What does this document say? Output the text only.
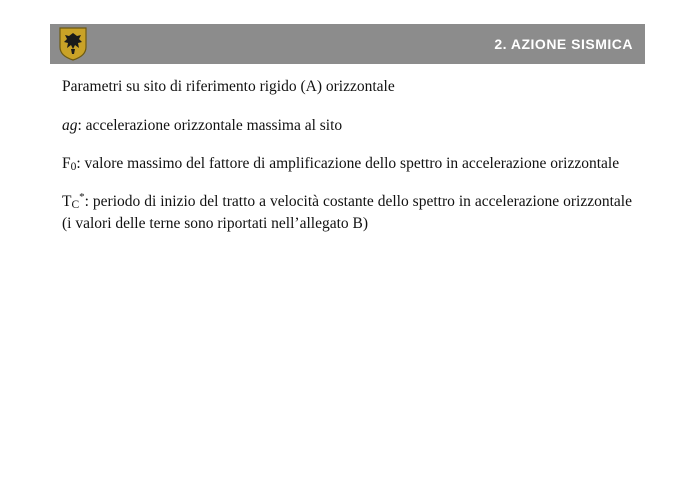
2. AZIONE SISMICA

Parametri su sito di riferimento rigido (A) orizzontale

ag: accelerazione orizzontale massima al sito

F0: valore massimo del fattore di amplificazione dello spettro in accelerazione orizzontale

TC*: periodo di inizio del tratto a velocità costante dello spettro in accelerazione orizzontale (i valori delle terne sono riportati nell’allegato B)
